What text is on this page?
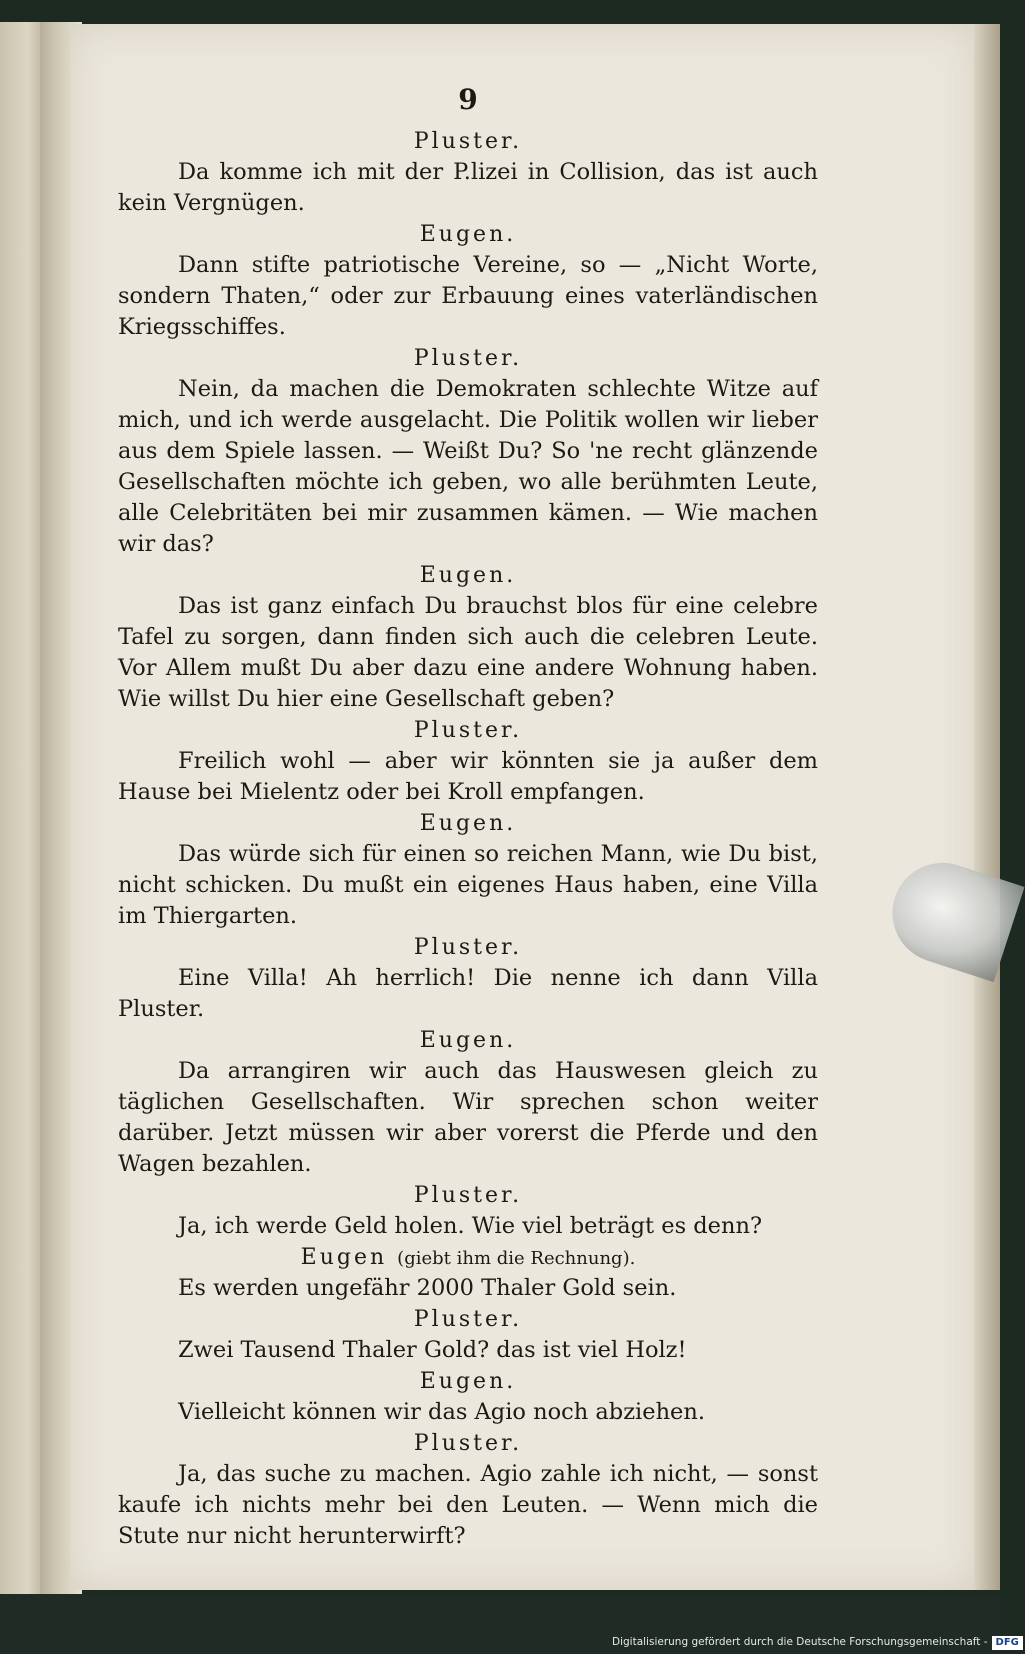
9
Pluster.

Da komme ich mit der P.lizei in Collision, das ist auch kein Vergnügen.

Eugen.

Dann stifte patriotische Vereine, so — „Nicht Worte, sondern Thaten,“ oder zur Erbauung eines vaterländischen Kriegsschiffes.

Pluster.

Nein, da machen die Demokraten schlechte Witze auf mich, und ich werde ausgelacht. Die Politik wollen wir lieber aus dem Spiele lassen. — Weißt Du? So 'ne recht glänzende Gesellschaften möchte ich geben, wo alle berühmten Leute, alle Celebritäten bei mir zusammen kämen. — Wie machen wir das?

Eugen.

Das ist ganz einfach Du brauchst blos für eine celebre Tafel zu sorgen, dann finden sich auch die celebren Leute. Vor Allem mußt Du aber dazu eine andere Wohnung haben. Wie willst Du hier eine Gesellschaft geben?

Pluster.

Freilich wohl — aber wir könnten sie ja außer dem Hause bei Mielentz oder bei Kroll empfangen.

Eugen.

Das würde sich für einen so reichen Mann, wie Du bist, nicht schicken. Du mußt ein eigenes Haus haben, eine Villa im Thiergarten.

Pluster.

Eine Villa! Ah herrlich! Die nenne ich dann Villa Pluster.

Eugen.

Da arrangiren wir auch das Hauswesen gleich zu täglichen Gesellschaften. Wir sprechen schon weiter darüber. Jetzt müssen wir aber vorerst die Pferde und den Wagen bezahlen.

Pluster.

Ja, ich werde Geld holen. Wie viel beträgt es denn?

Eugen (giebt ihm die Rechnung).

Es werden ungefähr 2000 Thaler Gold sein.

Pluster.

Zwei Tausend Thaler Gold? das ist viel Holz!

Eugen.

Vielleicht können wir das Agio noch abziehen.

Pluster.

Ja, das suche zu machen. Agio zahle ich nicht, — sonst kaufe ich nichts mehr bei den Leuten. — Wenn mich die Stute nur nicht herunterwirft?

Digitalisierung gefördert durch die Deutsche Forschungsgemeinschaft - DFG
